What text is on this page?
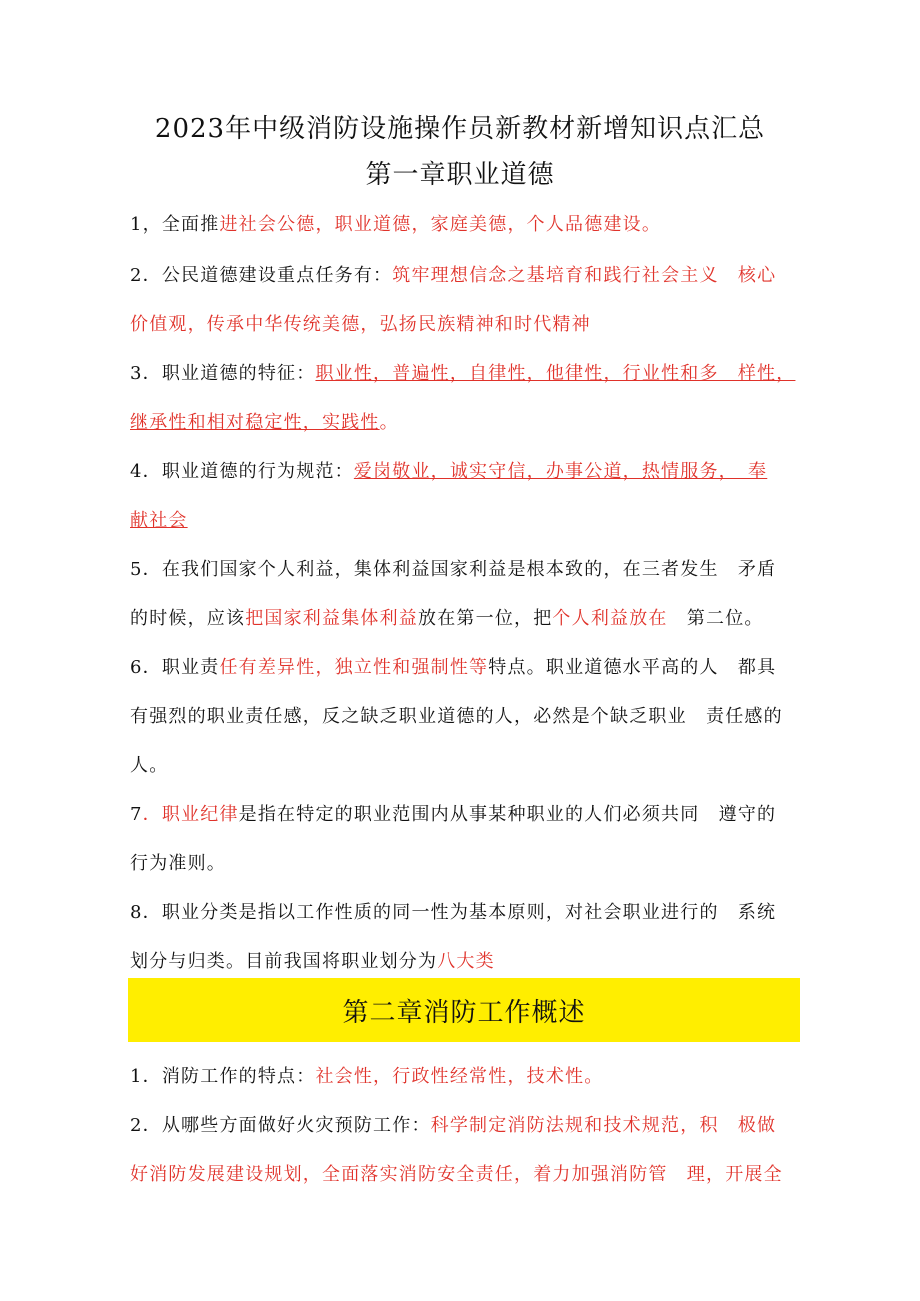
2023年中级消防设施操作员新教材新增知识点汇总
第一章职业道德
1，全面推进社会公德，职业道德，家庭美德，个人品德建设。
2．公民道德建设重点任务有：筑牢理想信念之基培育和践行社会主义　核心
价值观，传承中华传统美德，弘扬民族精神和时代精神
3．职业道德的特征：职业性，普遍性，自律性，他律性，行业性和多　样性，
继承性和相对稳定性，实践性。
4．职业道德的行为规范：爱岗敬业，诚实守信，办事公道，热情服务，　奉
献社会
5．在我们国家个人利益，集体利益国家利益是根本致的，在三者发生　矛盾
的时候，应该把国家利益集体利益放在第一位，把个人利益放在　第二位。
6．职业责任有差异性，独立性和强制性等特点。职业道德水平高的人　都具
有强烈的职业责任感，反之缺乏职业道德的人，必然是个缺乏职业　责任感的
人。
7．职业纪律是指在特定的职业范围内从事某种职业的人们必须共同　遵守的
行为准则。
8．职业分类是指以工作性质的同一性为基本原则，对社会职业进行的　系统
划分与归类。目前我国将职业划分为八大类
第二章消防工作概述
1．消防工作的特点：社会性，行政性经常性，技术性。
2．从哪些方面做好火灾预防工作：科学制定消防法规和技术规范，积　极做
好消防发展建设规划，全面落实消防安全责任，着力加强消防管　理，开展全
